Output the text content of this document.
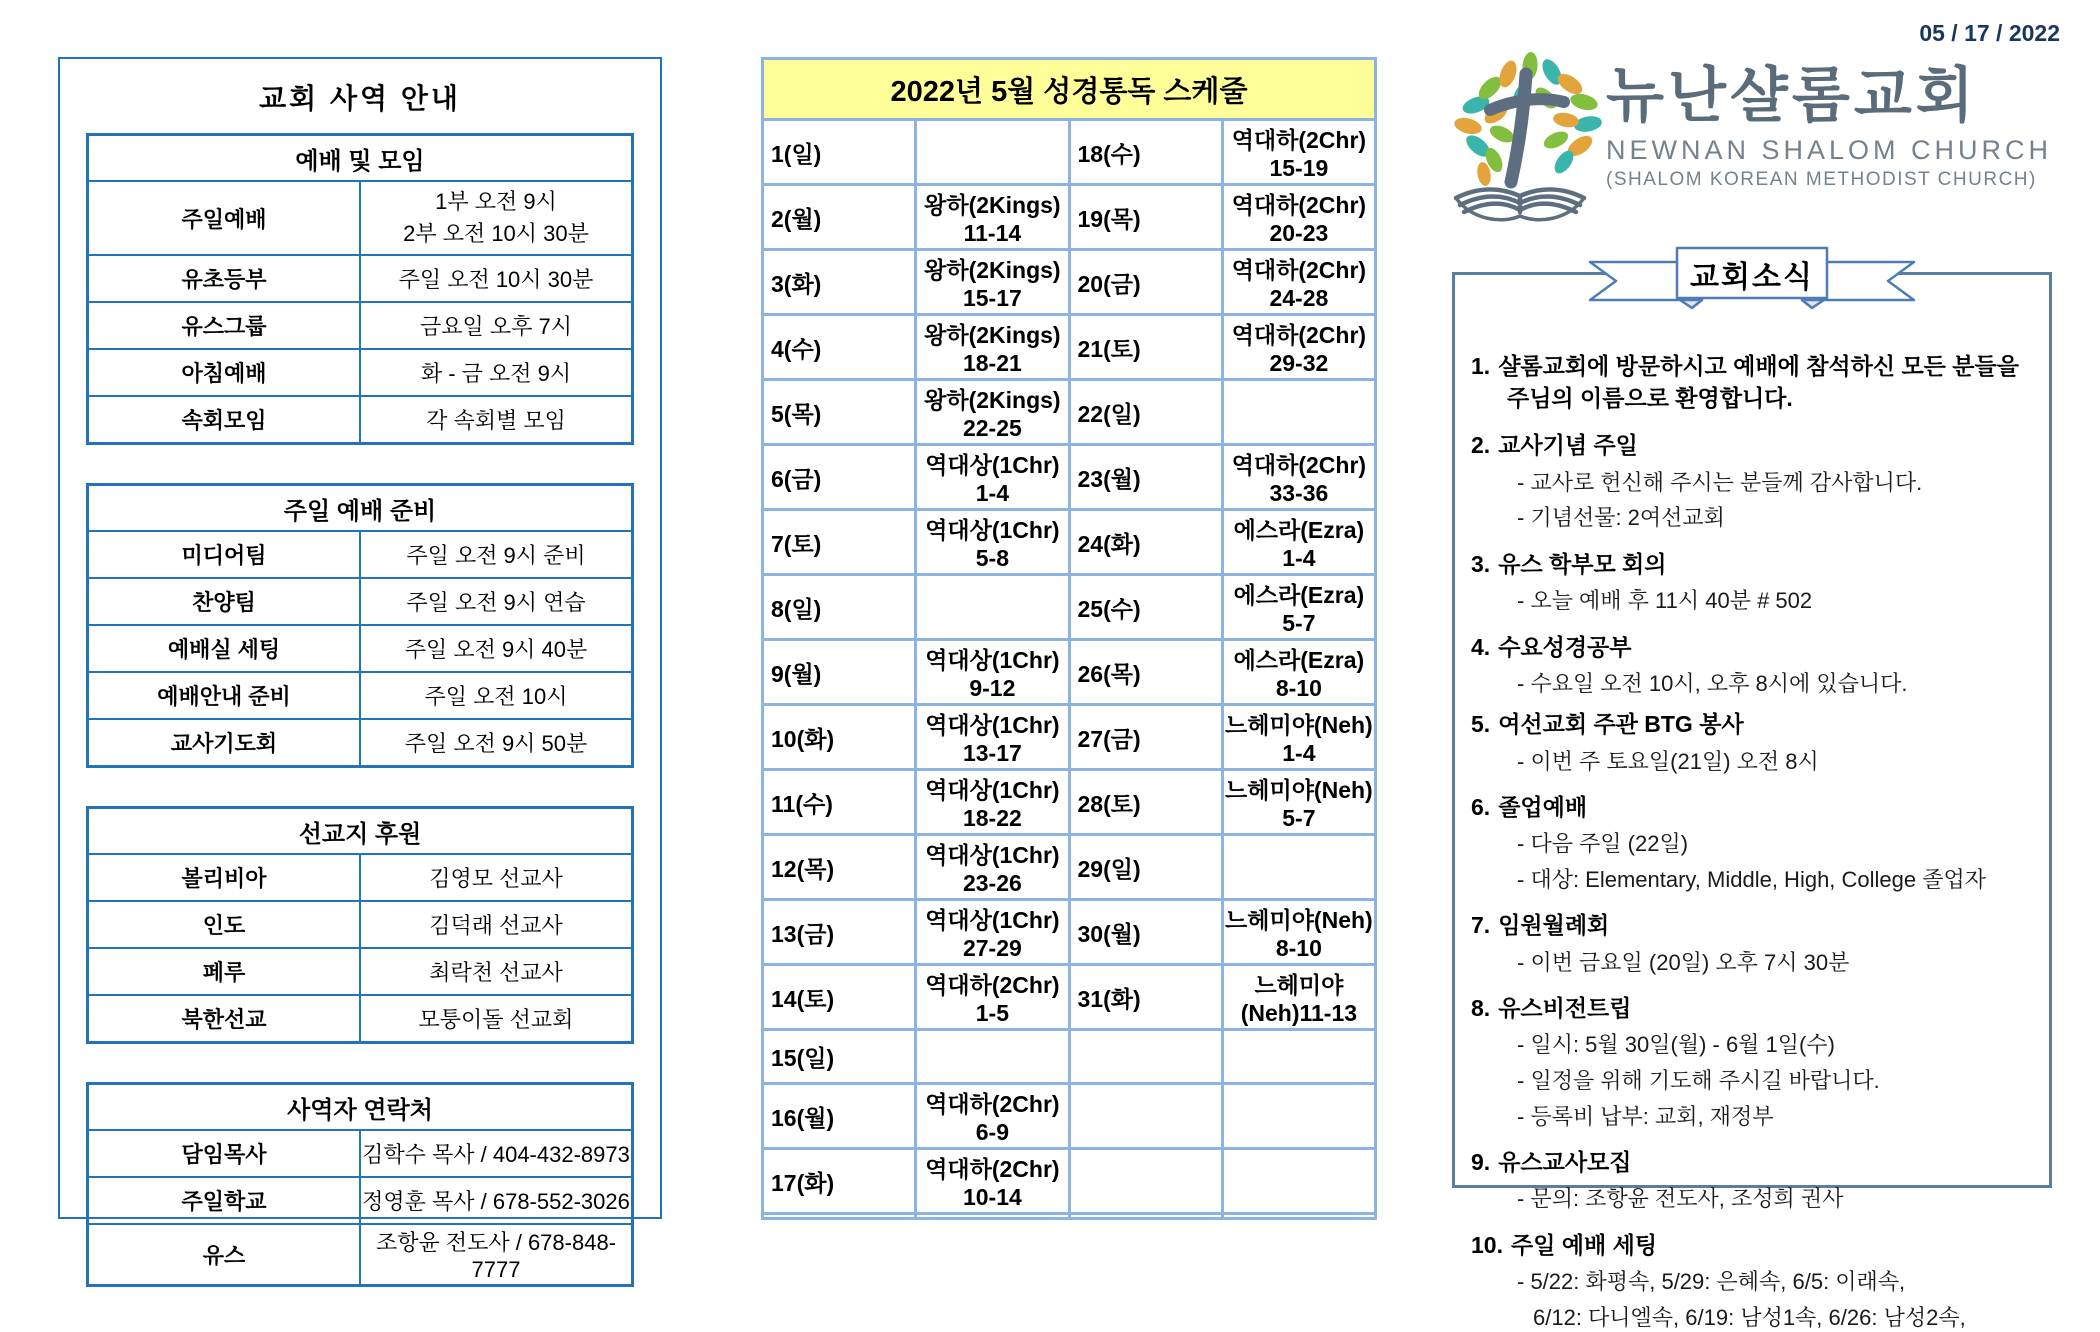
교회 사역 안내
예배 및 모임	
주일예배	1부 오전 9시
2부 오전 10시 30분

유초등부	주일 오전 10시 30분
유스그룹	금요일 오후 7시
아침예배	화 - 금 오전 9시
속회모임	각 속회별 모임
주일 예배 준비	
미디어팀	주일 오전 9시 준비
찬양팀	주일 오전 9시 연습
예배실 세팅	주일 오전 9시 40분
예배안내 준비	주일 오전 10시
교사기도회	주일 오전 9시 50분
선교지 후원	
볼리비아	김영모 선교사
인도	김덕래 선교사
페루	최락천 선교사
북한선교	모퉁이돌 선교회
사역자 연락처	
담임목사	김학수 목사 / 404-432-8973
주일학교	정영훈 목사 / 678-552-3026
유스	조항윤 전도사 / 678-848-7777
2022년 5월 성경통독 스케줄			
1(일)		18(수)	역대하(2Chr) 15-19
2(월)	왕하(2Kings) 11-14	19(목)	역대하(2Chr) 20-23
3(화)	왕하(2Kings) 15-17	20(금)	역대하(2Chr) 24-28
4(수)	왕하(2Kings) 18-21	21(토)	역대하(2Chr) 29-32
5(목)	왕하(2Kings) 22-25	22(일)	
6(금)	역대상(1Chr) 1-4	23(월)	역대하(2Chr) 33-36
7(토)	역대상(1Chr) 5-8	24(화)	에스라(Ezra) 1-4
8(일)		25(수)	에스라(Ezra) 5-7
9(월)	역대상(1Chr) 9-12	26(목)	에스라(Ezra) 8-10
10(화)	역대상(1Chr) 13-17	27(금)	느헤미야(Neh) 1-4
11(수)	역대상(1Chr) 18-22	28(토)	느헤미야(Neh) 5-7
12(목)	역대상(1Chr) 23-26	29(일)	
13(금)	역대상(1Chr) 27-29	30(월)	느헤미야(Neh) 8-10
14(토)	역대하(2Chr) 1-5	31(화)	느헤미야(Neh)11-13
15(일)			
16(월)	역대하(2Chr) 6-9		
17(화)	역대하(2Chr) 10-14		

05 / 17 / 2022
뉴난샬롬교회
NEWNAN SHALOM CHURCH
(SHALOM KOREAN METHODIST CHURCH)
교회소식
1. 샬롬교회에 방문하시고 예배에 참석하신 모든 분들을 주님의 이름으로 환영합니다.
2. 교사기념 주일
- 교사로 헌신해 주시는 분들께 감사합니다.
- 기념선물: 2여선교회
3. 유스 학부모 회의
- 오늘 예배 후 11시 40분 # 502
4. 수요성경공부
- 수요일 오전 10시, 오후 8시에 있습니다.
5. 여선교회 주관 BTG 봉사
- 이번 주 토요일(21일) 오전 8시
6. 졸업예배
- 다음 주일 (22일)
- 대상: Elementary, Middle, High, College 졸업자
7. 임원월례회
- 이번 금요일 (20일) 오후 7시 30분
8. 유스비전트립
- 일시: 5월 30일(월) - 6월 1일(수)
- 일정을 위해 기도해 주시길 바랍니다.
- 등록비 납부: 교회, 재정부
9. 유스교사모집
- 문의: 조항윤 전도사, 조성희 권사
10. 주일 예배 세팅
- 5/22: 화평속, 5/29: 은혜속, 6/5: 이래속,
6/12: 다니엘속, 6/19: 남성1속, 6/26: 남성2속,
